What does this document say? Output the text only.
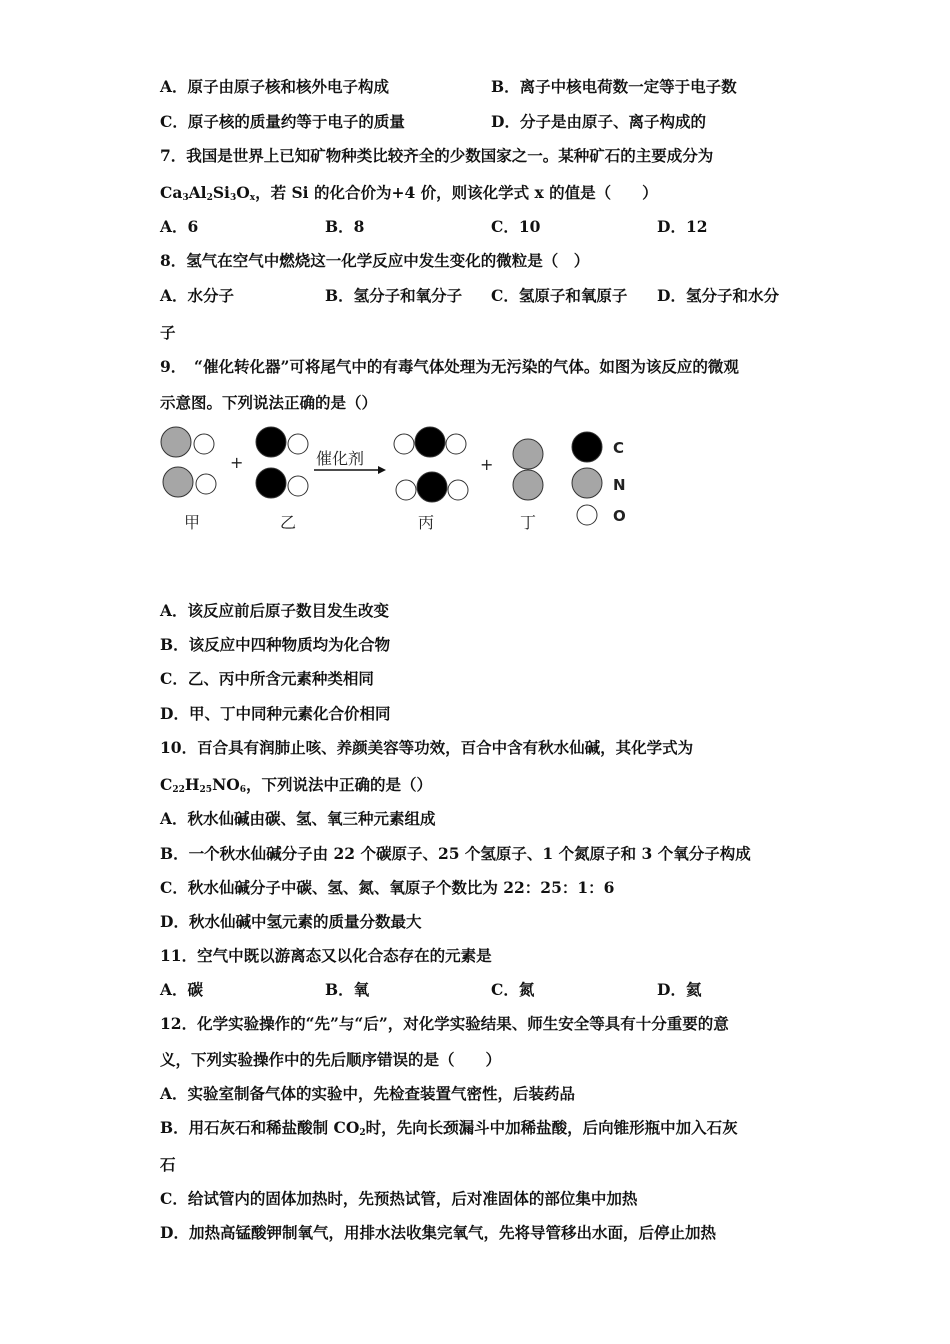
A．原子由原子核和核外电子构成	B．离子中核电荷数一定等于电子数
C．原子核的质量约等于电子的质量	D．分子是由原子、离子构成的
7．我国是世界上已知矿物种类比较齐全的少数国家之一。某种矿石的主要成分为
$Ca_3Al_2Si_3O_x$，若 Si 的化合价为+4 价，则该化学式 x 的值是（　　）
A．6	B．8	C．10	D．12
8．氢气在空气中燃烧这一化学反应中发生变化的微粒是（　）
A．水分子	B．氢分子和氧分子 C．氢原子和氧原子 D．氢分子和水分
子
9．　“催化转化器”可将尾气中的有毒气体处理为无污染的气体。如图为该反应的微观
示意图。下列说法正确的是（）
+	催化剂	+
C
N
O
甲	乙	丙	丁
A．该反应前后原子数目发生改变
B．该反应中四种物质均为化合物
C．乙、丙中所含元素种类相同
D．甲、丁中同种元素化合价相同
10．百合具有润肺止咳、养颜美容等功效，百合中含有秋水仙碱，其化学式为
$C_{22}H_{25}NO_6$，下列说法中正确的是（）
A．秋水仙碱由碳、氢、氧三种元素组成
B．一个秋水仙碱分子由 22 个碳原子、25 个氢原子、1 个氮原子和 3 个氧分子构成
C．秋水仙碱分子中碳、氢、氮、氧原子个数比为 22：25：1：6
D．秋水仙碱中氢元素的质量分数最大
11．空气中既以游离态又以化合态存在的元素是
A．碳	B．氧	C．氮	D．氦
12．化学实验操作的“先”与“后”，对化学实验结果、师生安全等具有十分重要的意
义，下列实验操作中的先后顺序错误的是（　　）
A．实验室制备气体的实验中，先检查装置气密性，后装药品
B．用石灰石和稀盐酸制 $CO_2$时，先向长颈漏斗中加稀盐酸，后向锥形瓶中加入石灰
石
C．给试管内的固体加热时，先预热试管，后对准固体的部位集中加热
D．加热高锰酸钾制氧气，用排水法收集完氧气，先将导管移出水面，后停止加热
